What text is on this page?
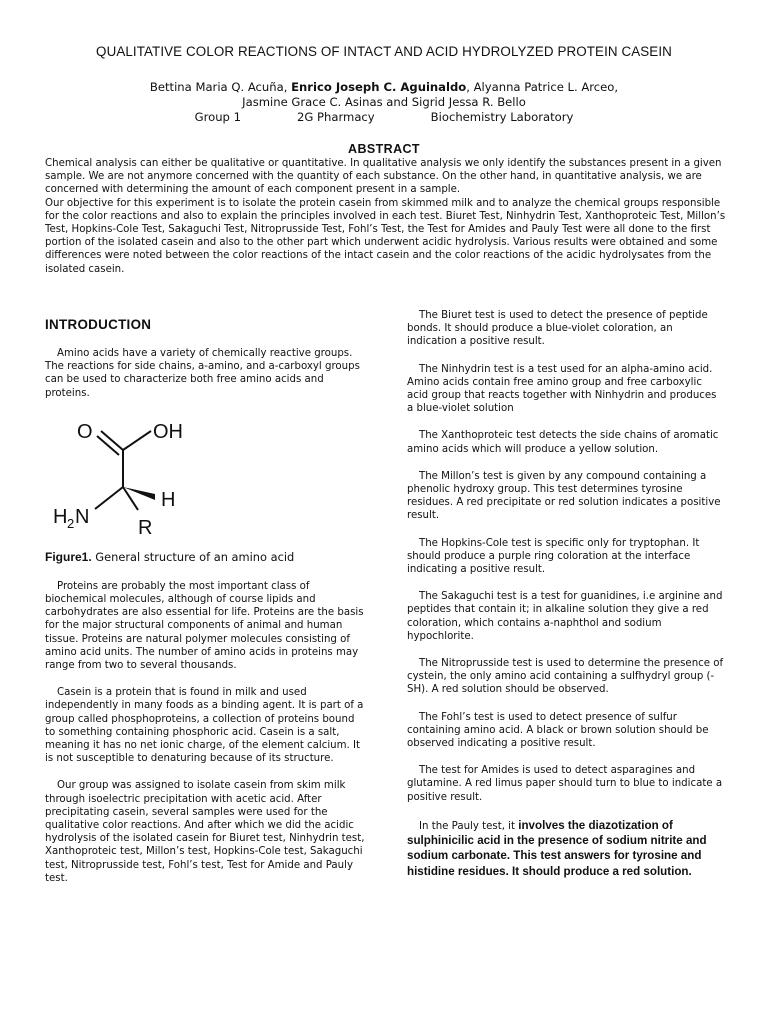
QUALITATIVE COLOR REACTIONS OF INTACT AND ACID HYDROLYZED PROTEIN CASEIN
Bettina Maria Q. Acuña, Enrico Joseph C. Aguinaldo, Alyanna Patrice L. Arceo,
Jasmine Grace C. Asinas and Sigrid Jessa R. Bello
Group 1	2G Pharmacy	Biochemistry Laboratory
ABSTRACT

Chemical analysis can either be qualitative or quantitative. In qualitative analysis we only identify the substances present in a given sample. We are not anymore concerned with the quantity of each substance. On the other hand, in quantitative analysis, we are concerned with determining the amount of each component present in a sample.

Our objective for this experiment is to isolate the protein casein from skimmed milk and to analyze the chemical groups responsible for the color reactions and also to explain the principles involved in each test. Biuret Test, Ninhydrin Test, Xanthoproteic Test, Millon’s Test, Hopkins-Cole Test, Sakaguchi Test, Nitroprusside Test, Fohl’s Test, the Test for Amides and Pauly Test were all done to the first portion of the isolated casein and also to the other part which underwent acidic hydrolysis. Various results were obtained and some differences were noted between the color reactions of the intact casein and the color reactions of the acidic hydrolysates from the isolated casein.

INTRODUCTION

Amino acids have a variety of chemically reactive groups. The reactions for side chains, a-amino, and a-carboxyl groups can be used to characterize both free amino acids and proteins.

O	OH
H
H 2 N R
Figure1. General structure of an amino acid

Proteins are probably the most important class of biochemical molecules, although of course lipids and carbohydrates are also essential for life. Proteins are the basis for the major structural components of animal and human tissue. Proteins are natural polymer molecules consisting of amino acid units. The number of amino acids in proteins may range from two to several thousands.

Casein is a protein that is found in milk and used independently in many foods as a binding agent. It is part of a group called phosphoproteins, a collection of proteins bound to something containing phosphoric acid. Casein is a salt, meaning it has no net ionic charge, of the element calcium. It is not susceptible to denaturing because of its structure.

Our group was assigned to isolate casein from skim milk through isoelectric precipitation with acetic acid. After precipitating casein, several samples were used for the qualitative color reactions. And after which we did the acidic hydrolysis of the isolated casein for Biuret test, Ninhydrin test, Xanthoproteic test, Millon’s test, Hopkins-Cole test, Sakaguchi test, Nitroprusside test, Fohl’s test, Test for Amide and Pauly test.

The Biuret test is used to detect the presence of peptide bonds. It should produce a blue-violet coloration, an indication a positive result.

The Ninhydrin test is a test used for an alpha-amino acid. Amino acids contain free amino group and free carboxylic acid group that reacts together with Ninhydrin and produces a blue-violet solution

The Xanthoproteic test detects the side chains of aromatic amino acids which will produce a yellow solution.

The Millon’s test is given by any compound containing a phenolic hydroxy group. This test determines tyrosine residues. A red precipitate or red solution indicates a positive result.

The Hopkins-Cole test is specific only for tryptophan. It should produce a purple ring coloration at the interface indicating a positive result.

The Sakaguchi test is a test for guanidines, i.e arginine and peptides that contain it; in alkaline solution they give a red coloration, which contains a-naphthol and sodium hypochlorite.

The Nitroprusside test is used to determine the presence of cystein, the only amino acid containing a sulfhydryl group (-SH). A red solution should be observed.

The Fohl’s test is used to detect presence of sulfur containing amino acid. A black or brown solution should be observed indicating a positive result.

The test for Amides is used to detect asparagines and glutamine. A red limus paper should turn to blue to indicate a positive result.

In the Pauly test, it involves the diazotization of sulphinicilic acid in the presence of sodium nitrite and sodium carbonate. This test answers for tyrosine and histidine residues. It should produce a red solution.
